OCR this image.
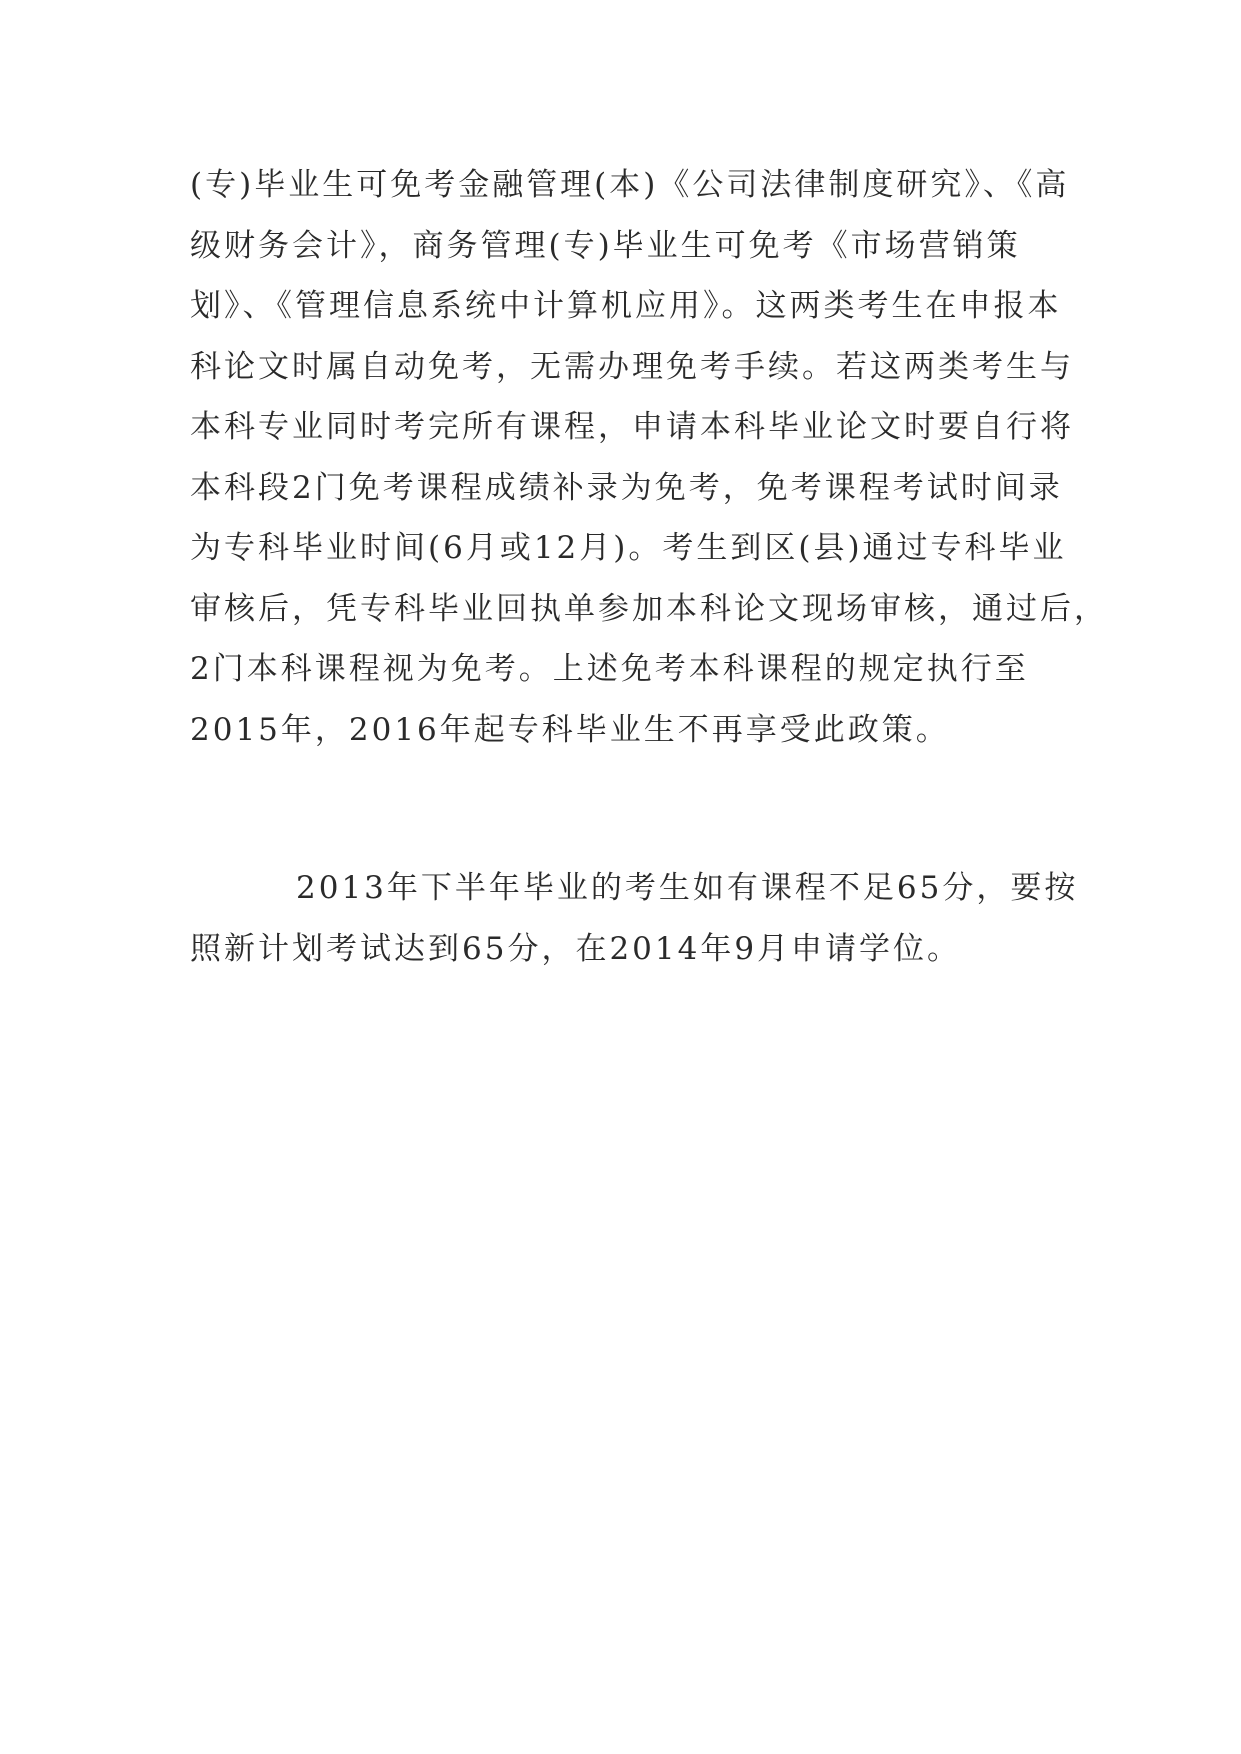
(专)毕业生可免考金融管理(本)《公司法律制度研究》、《高
级财务会计》，商务管理(专)毕业生可免考《市场营销策
划》、《管理信息系统中计算机应用》。这两类考生在申报本
科论文时属自动免考，无需办理免考手续。若这两类考生与
本科专业同时考完所有课程，申请本科毕业论文时要自行将
本科段2门免考课程成绩补录为免考，免考课程考试时间录
为专科毕业时间(6月或12月)。考生到区(县)通过专科毕业
审核后，凭专科毕业回执单参加本科论文现场审核，通过后，
2门本科课程视为免考。上述免考本科课程的规定执行至
2015年，2016年起专科毕业生不再享受此政策。
2013年下半年毕业的考生如有课程不足65分，要按
照新计划考试达到65分，在2014年9月申请学位。
